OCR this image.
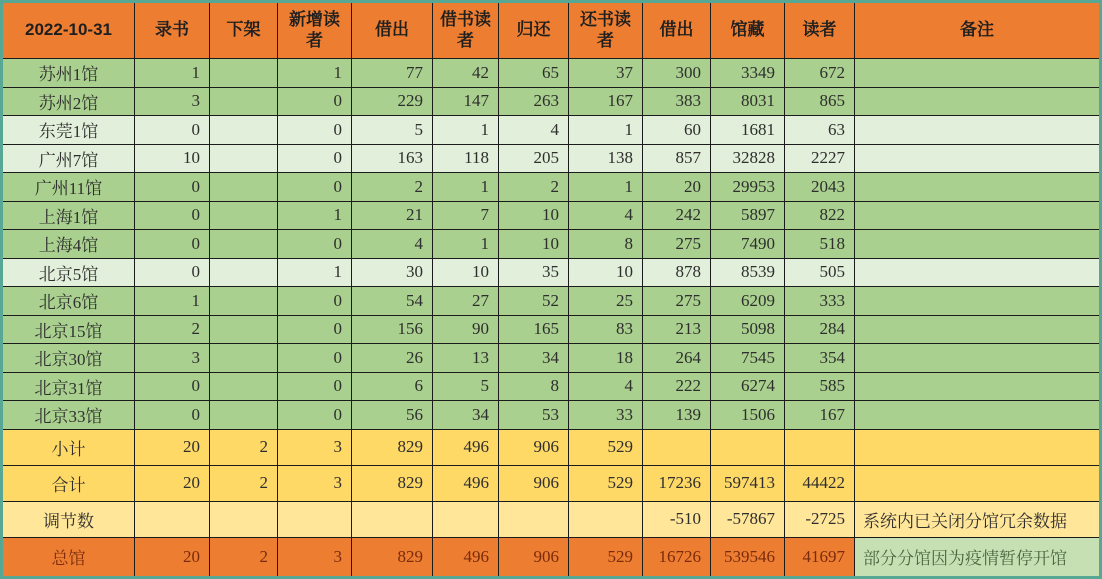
2022-10-31	录书	下架	新增读者	借出	借书读者	归还	还书读者	借出	馆藏	读者	备注
苏州1馆	1		1	77	42	65	37	300	3349	672	
苏州2馆	3		0	229	147	263	167	383	8031	865	
东莞1馆	0		0	5	1	4	1	60	1681	63	
广州7馆	10		0	163	118	205	138	857	32828	2227	
广州11馆	0		0	2	1	2	1	20	29953	2043	
上海1馆	0		1	21	7	10	4	242	5897	822	
上海4馆	0		0	4	1	10	8	275	7490	518	
北京5馆	0		1	30	10	35	10	878	8539	505	
北京6馆	1		0	54	27	52	25	275	6209	333	
北京15馆	2		0	156	90	165	83	213	5098	284	
北京30馆	3		0	26	13	34	18	264	7545	354	
北京31馆	0		0	6	5	8	4	222	6274	585	
北京33馆	0		0	56	34	53	33	139	1506	167	
小计	20	2	3	829	496	906	529				
合计	20	2	3	829	496	906	529	17236	597413	44422	
调节数								-510	-57867	-2725	系统内已关闭分馆冗余数据
总馆	20	2	3	829	496	906	529	16726	539546	41697	部分分馆因为疫情暂停开馆
